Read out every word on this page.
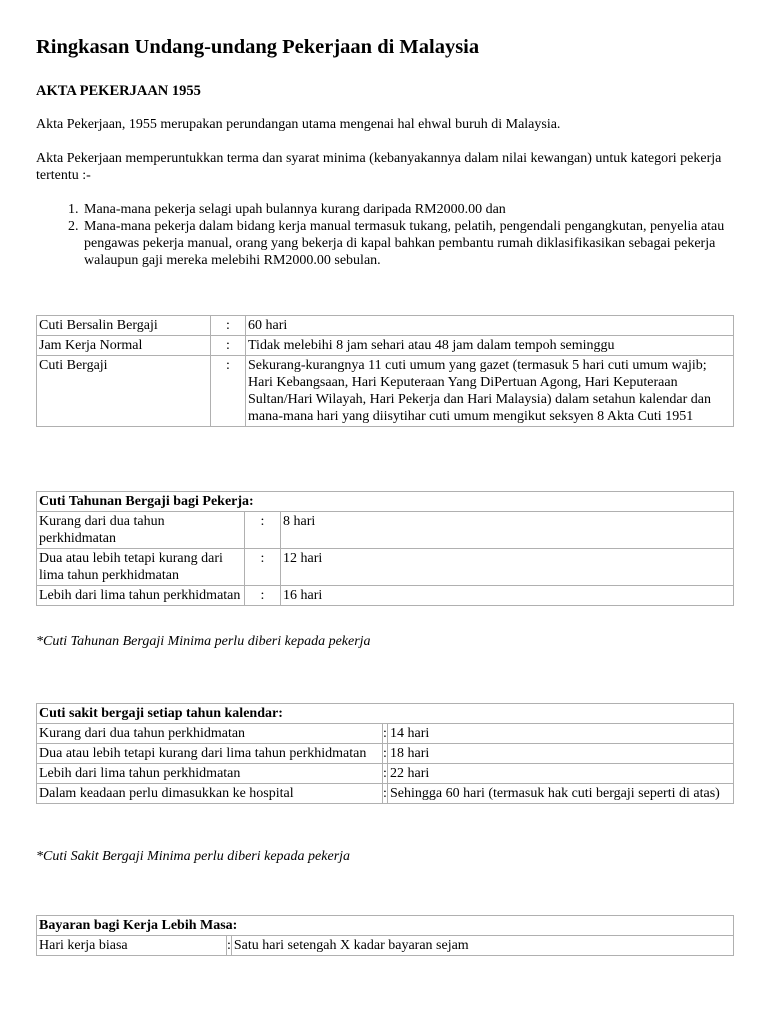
Ringkasan Undang-undang Pekerjaan di Malaysia
AKTA PEKERJAAN 1955

Akta Pekerjaan, 1955 merupakan perundangan utama mengenai hal ehwal buruh di Malaysia.

Akta Pekerjaan memperuntukkan terma dan syarat minima (kebanyakannya dalam nilai kewangan) untuk kategori pekerja tertentu :-

1. Mana-mana pekerja selagi upah bulannya kurang daripada RM2000.00 dan
2. Mana-mana pekerja dalam bidang kerja manual termasuk tukang, pelatih, pengendali pengangkutan, penyelia atau pengawas pekerja manual, orang yang bekerja di kapal bahkan pembantu rumah diklasifikasikan sebagai pekerja walaupun gaji mereka melebihi RM2000.00 sebulan.
Cuti Bersalin Bergaji	:	60 hari
Jam Kerja Normal	:	Tidak melebihi 8 jam sehari atau 48 jam dalam tempoh seminggu
Cuti Bergaji	:	Sekurang-kurangnya 11 cuti umum yang gazet (termasuk 5 hari cuti umum wajib; Hari Kebangsaan, Hari Keputeraan Yang DiPertuan Agong, Hari Keputeraan Sultan/Hari Wilayah, Hari Pekerja dan Hari Malaysia) dalam setahun kalendar dan mana-mana hari yang diisytihar cuti umum mengikut seksyen 8 Akta Cuti 1951
Cuti Tahunan Bergaji bagi Pekerja:		
Kurang dari dua tahun perkhidmatan	:	8 hari
Dua atau lebih tetapi kurang dari lima tahun perkhidmatan	:	12 hari
Lebih dari lima tahun perkhidmatan	:	16 hari

*Cuti Tahunan Bergaji Minima perlu diberi kepada pekerja

Cuti sakit bergaji setiap tahun kalendar:		
Kurang dari dua tahun perkhidmatan	:	14 hari
Dua atau lebih tetapi kurang dari lima tahun perkhidmatan	:	18 hari
Lebih dari lima tahun perkhidmatan	:	22 hari
Dalam keadaan perlu dimasukkan ke hospital	:	Sehingga 60 hari (termasuk hak cuti bergaji seperti di atas)

*Cuti Sakit Bergaji Minima perlu diberi kepada pekerja

Bayaran bagi Kerja Lebih Masa:
Hari kerja biasa	:	Satu hari setengah X kadar bayaran sejam
